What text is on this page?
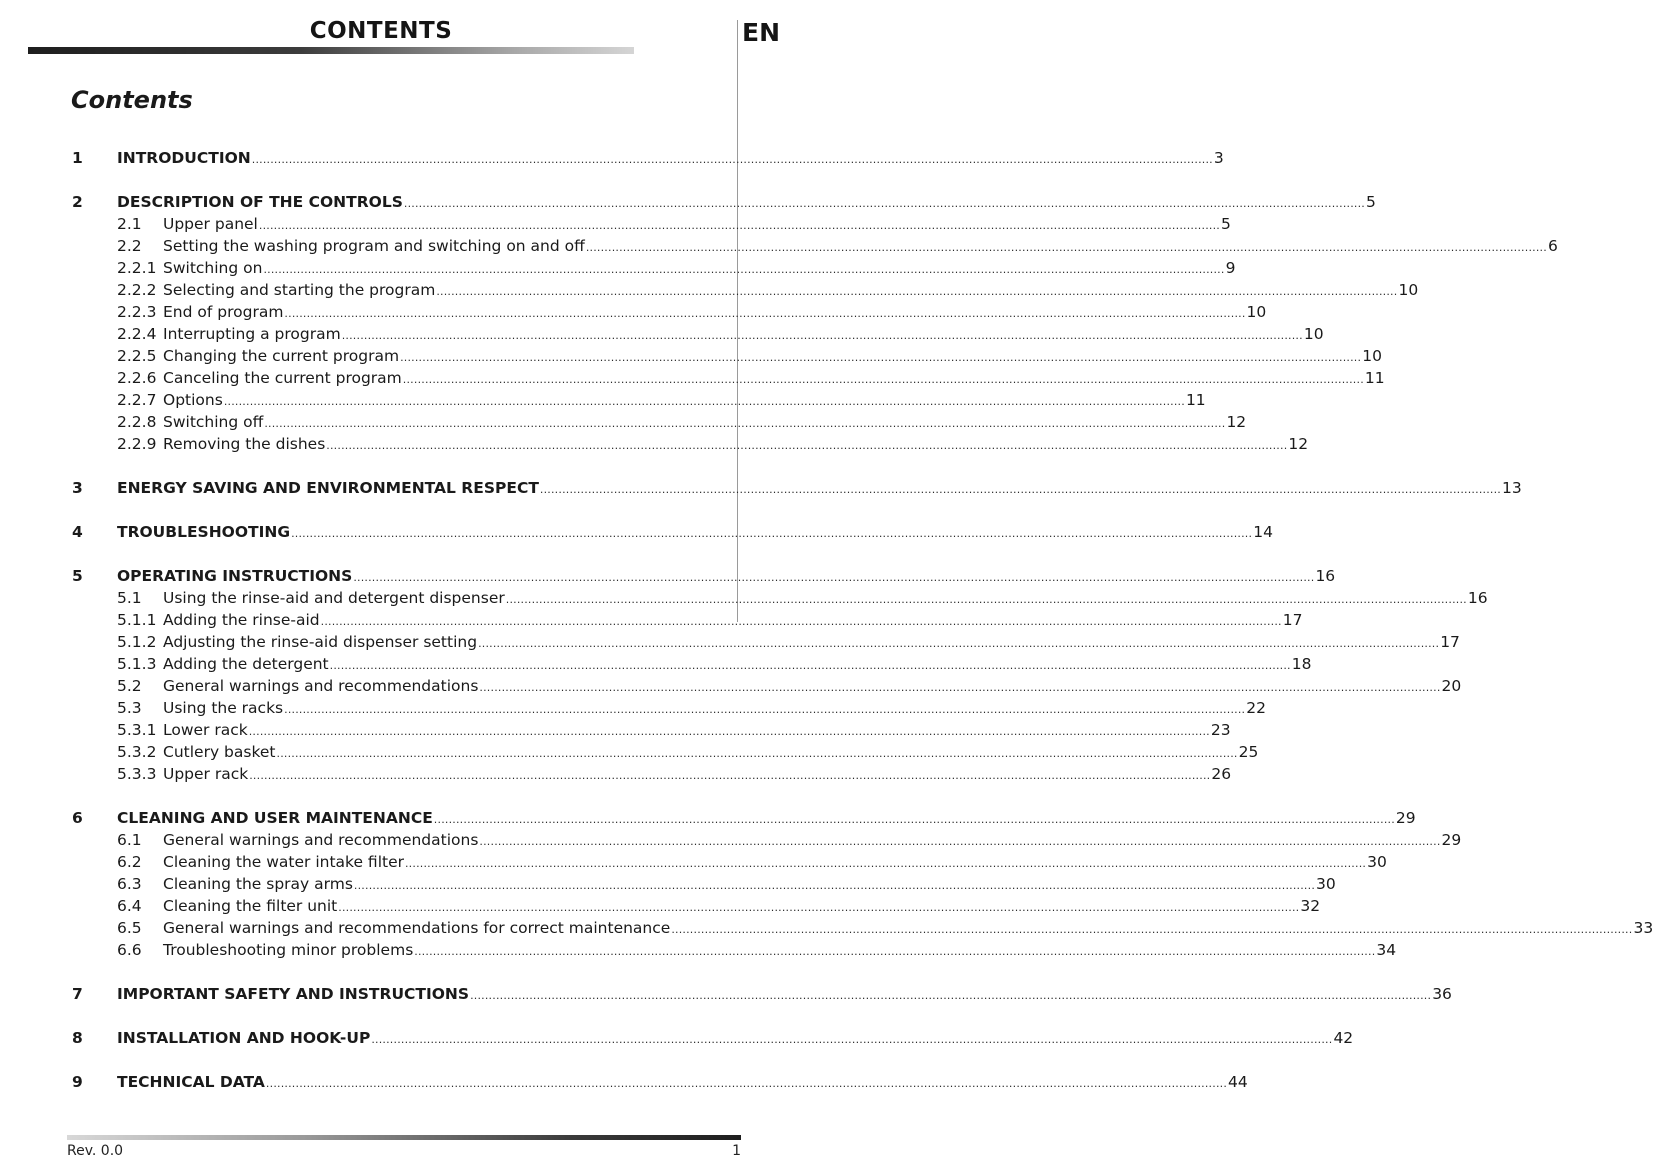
CONTENTS	EN
Contents
1	INTRODUCTION .................................................................................................................................................................................................................................................................... 3
2	DESCRIPTION OF THE CONTROLS .................................................................................................................................................................................................................................................................... 5
2.1	Upper panel .................................................................................................................................................................................................................................................................... 5
2.2	Setting the washing program and switching on and off .................................................................................................................................................................................................................................................................... 6
2.2.1 Switching on .................................................................................................................................................................................................................................................................... 9
2.2.2 Selecting and starting the program .................................................................................................................................................................................................................................................................... 10
2.2.3 End of program .................................................................................................................................................................................................................................................................... 10
2.2.4 Interrupting a program .................................................................................................................................................................................................................................................................... 10
2.2.5 Changing the current program .................................................................................................................................................................................................................................................................... 10
2.2.6 Canceling the current program .................................................................................................................................................................................................................................................................... 11
2.2.7 Options .................................................................................................................................................................................................................................................................... 11
2.2.8 Switching off .................................................................................................................................................................................................................................................................... 12
2.2.9 Removing the dishes .................................................................................................................................................................................................................................................................... 12
3	ENERGY SAVING AND ENVIRONMENTAL RESPECT .................................................................................................................................................................................................................................................................... 13
4	TROUBLESHOOTING .................................................................................................................................................................................................................................................................... 14
5	OPERATING INSTRUCTIONS .................................................................................................................................................................................................................................................................... 16
5.1	Using the rinse-aid and detergent dispenser .................................................................................................................................................................................................................................................................... 16
5.1.1 Adding the rinse-aid .................................................................................................................................................................................................................................................................... 17
5.1.2 Adjusting the rinse-aid dispenser setting .................................................................................................................................................................................................................................................................... 17
5.1.3 Adding the detergent .................................................................................................................................................................................................................................................................... 18
5.2	General warnings and recommendations .................................................................................................................................................................................................................................................................... 20
5.3	Using the racks .................................................................................................................................................................................................................................................................... 22
5.3.1 Lower rack .................................................................................................................................................................................................................................................................... 23
5.3.2 Cutlery basket .................................................................................................................................................................................................................................................................... 25
5.3.3 Upper rack .................................................................................................................................................................................................................................................................... 26
6	CLEANING AND USER MAINTENANCE .................................................................................................................................................................................................................................................................... 29
6.1	General warnings and recommendations .................................................................................................................................................................................................................................................................... 29
6.2	Cleaning the water intake filter .................................................................................................................................................................................................................................................................... 30
6.3	Cleaning the spray arms .................................................................................................................................................................................................................................................................... 30
6.4	Cleaning the filter unit .................................................................................................................................................................................................................................................................... 32
6.5	General warnings and recommendations for correct maintenance .................................................................................................................................................................................................................................................................... 33
6.6	Troubleshooting minor problems .................................................................................................................................................................................................................................................................... 34
7	IMPORTANT SAFETY AND INSTRUCTIONS .................................................................................................................................................................................................................................................................... 36
8	INSTALLATION AND HOOK-UP .................................................................................................................................................................................................................................................................... 42
9	TECHNICAL DATA .................................................................................................................................................................................................................................................................... 44
Rev. 0.0	1
